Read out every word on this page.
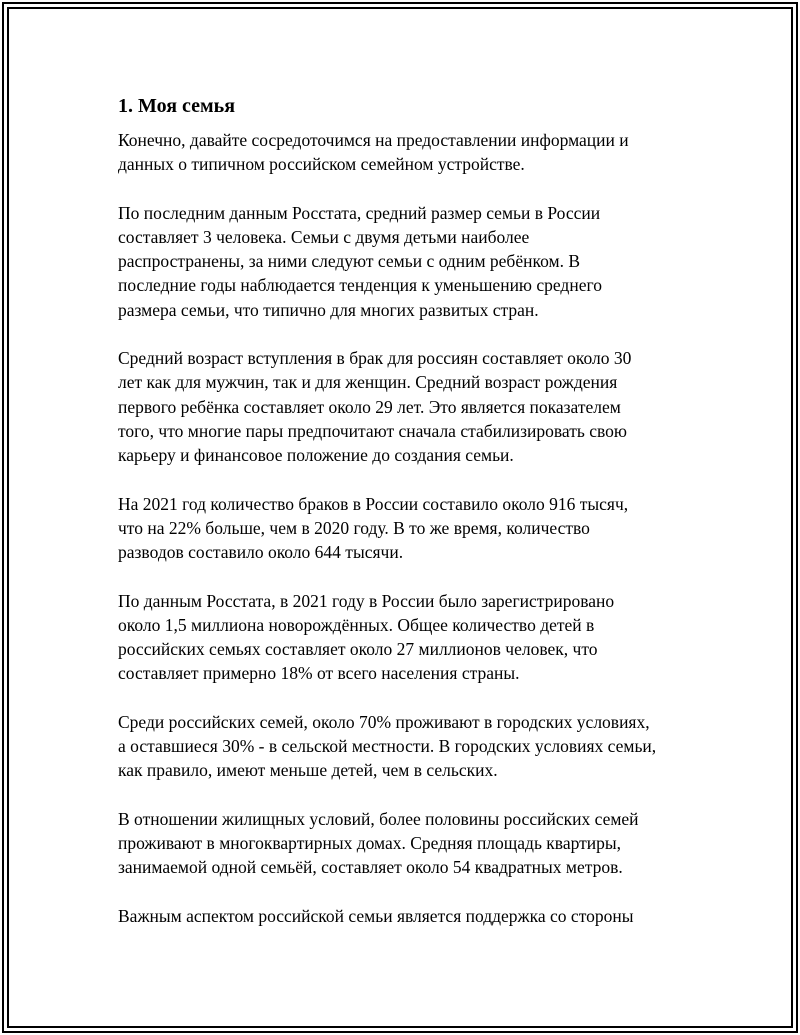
1. Моя семья

Конечно, давайте сосредоточимся на предоставлении информации и
данных о типичном российском семейном устройстве.

По последним данным Росстата, средний размер семьи в России
составляет 3 человека. Семьи с двумя детьми наиболее
распространены, за ними следуют семьи с одним ребёнком. В
последние годы наблюдается тенденция к уменьшению среднего
размера семьи, что типично для многих развитых стран.

Средний возраст вступления в брак для россиян составляет около 30
лет как для мужчин, так и для женщин. Средний возраст рождения
первого ребёнка составляет около 29 лет. Это является показателем
того, что многие пары предпочитают сначала стабилизировать свою
карьеру и финансовое положение до создания семьи.

На 2021 год количество браков в России составило около 916 тысяч,
что на 22% больше, чем в 2020 году. В то же время, количество
разводов составило около 644 тысячи.

По данным Росстата, в 2021 году в России было зарегистрировано
около 1,5 миллиона новорождённых. Общее количество детей в
российских семьях составляет около 27 миллионов человек, что
составляет примерно 18% от всего населения страны.

Среди российских семей, около 70% проживают в городских условиях,
а оставшиеся 30% - в сельской местности. В городских условиях семьи,
как правило, имеют меньше детей, чем в сельских.

В отношении жилищных условий, более половины российских семей
проживают в многоквартирных домах. Средняя площадь квартиры,
занимаемой одной семьёй, составляет около 54 квадратных метров.

Важным аспектом российской семьи является поддержка со стороны
